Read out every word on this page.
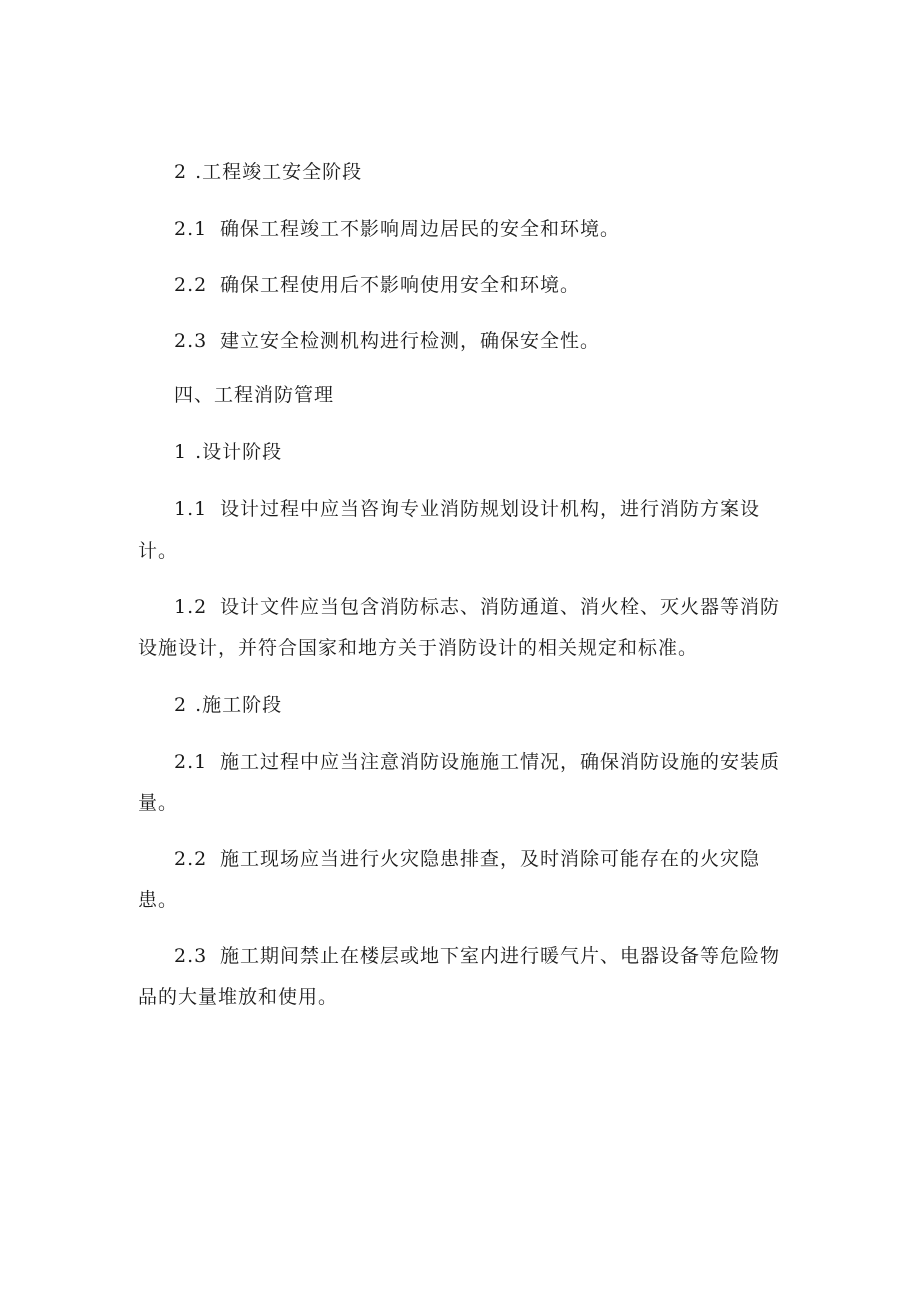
2 .工程竣工安全阶段
2.1 确保工程竣工不影响周边居民的安全和环境。
2.2 确保工程使用后不影响使用安全和环境。
2.3 建立安全检测机构进行检测，确保安全性。
四、工程消防管理
1 .设计阶段
1.1 设计过程中应当咨询专业消防规划设计机构，进行消防方案设
计。
1.2 设计文件应当包含消防标志、消防通道、消火栓、灭火器等消防
设施设计，并符合国家和地方关于消防设计的相关规定和标准。
2 .施工阶段
2.1 施工过程中应当注意消防设施施工情况，确保消防设施的安装质
量。
2.2 施工现场应当进行火灾隐患排查，及时消除可能存在的火灾隐
患。
2.3 施工期间禁止在楼层或地下室内进行暖气片、电器设备等危险物
品的大量堆放和使用。
